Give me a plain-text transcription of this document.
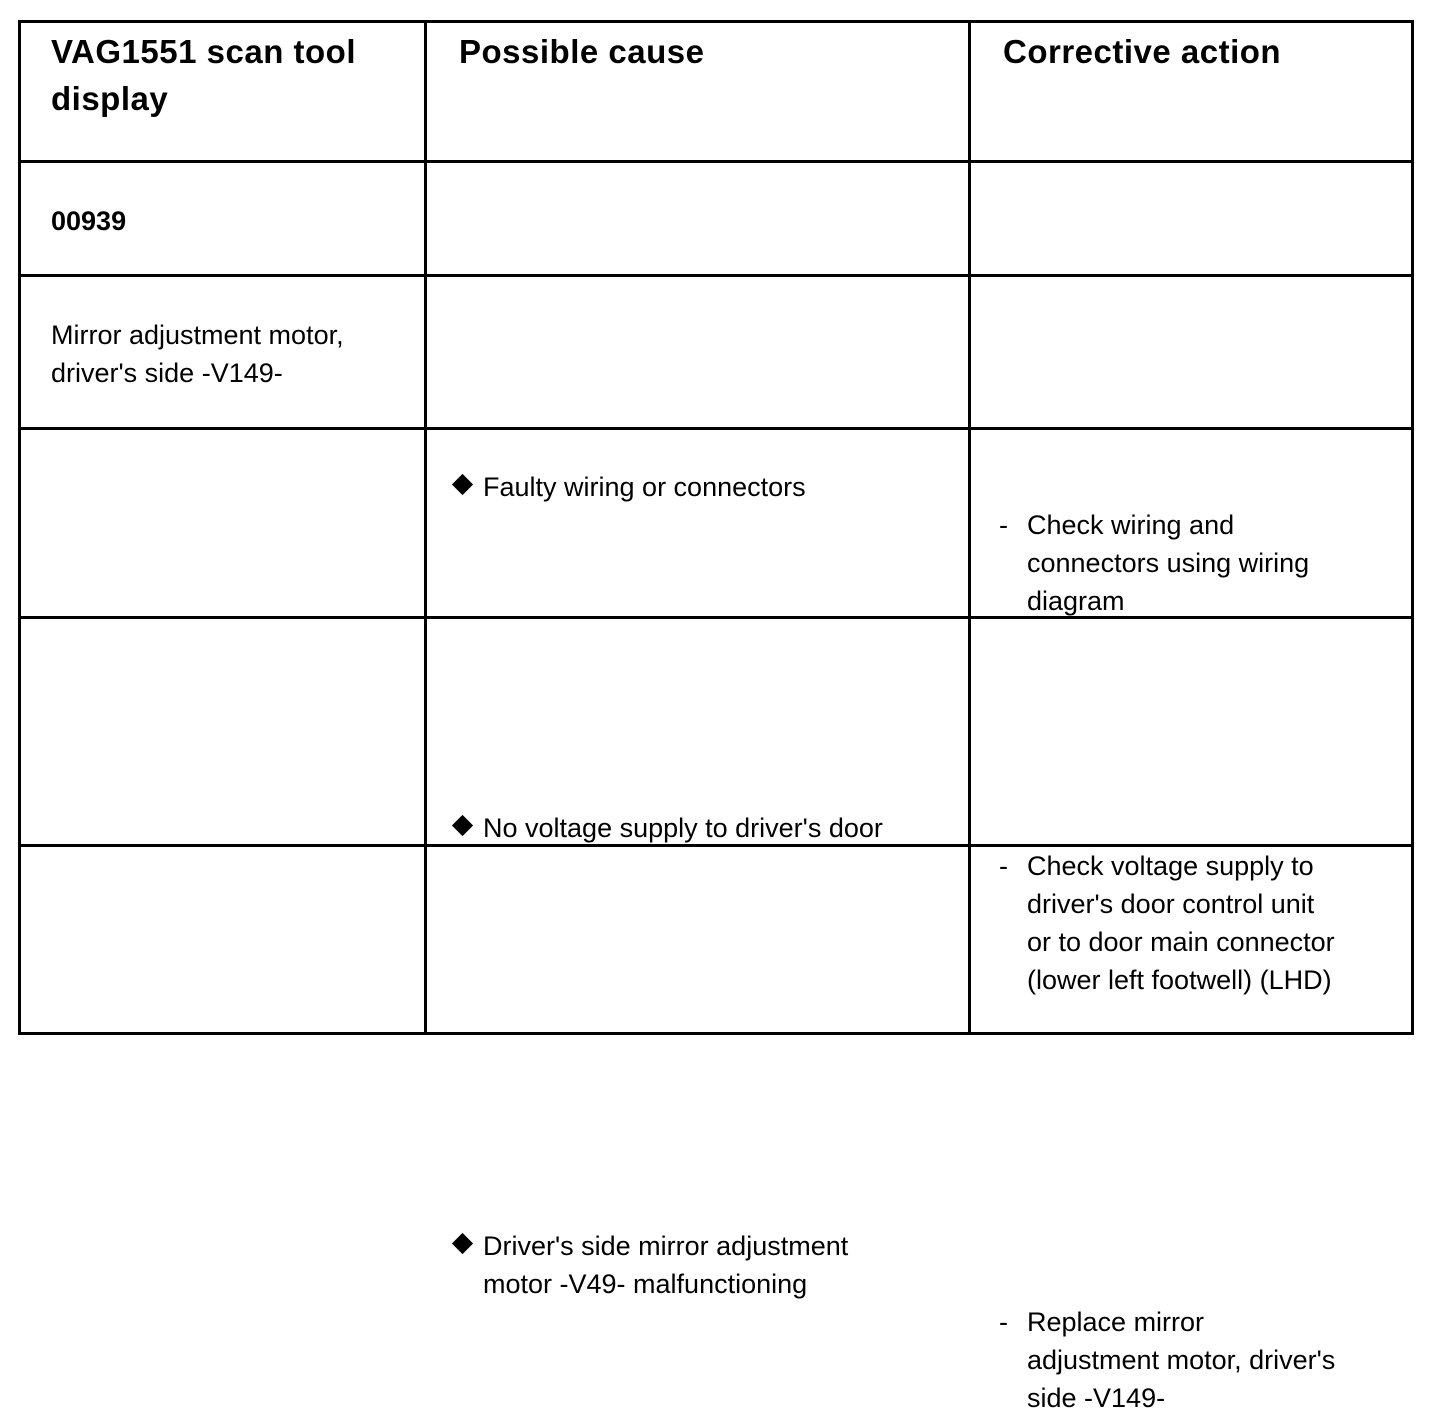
VAG1551 scan tool
display
Possible cause	Corrective action
00939
Mirror adjustment motor,
driver's side -V149-
Faulty wiring or connectors
- Check wiring and
connectors using wiring
diagram
No voltage supply to driver's door
- Check voltage supply to
driver's door control unit
or to door main connector
(lower left footwell) (LHD)
Driver's side mirror adjustment
motor -V49- malfunctioning
- Replace mirror
adjustment motor, driver's
side -V149-
